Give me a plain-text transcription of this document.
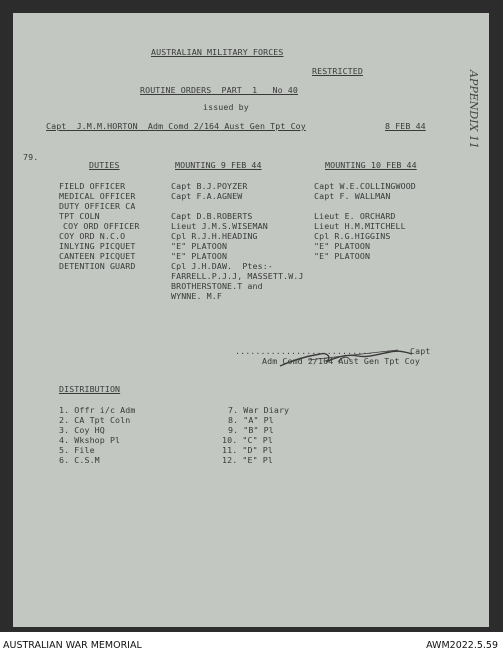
AUSTRALIAN MILITARY FORCES
RESTRICTED
ROUTINE ORDERS  PART  1   No 40
issued by
Capt  J.M.M.HORTON  Adm Comd 2/164 Aust Gen Tpt Coy	8 FEB 44
79.
DUTIES	MOUNTING 9 FEB 44	MOUNTING 10 FEB 44
FIELD OFFICER	Capt B.J.POYZER	Capt W.E.COLLINGWOOD
MEDICAL OFFICER	Capt F.A.AGNEW	Capt F. WALLMAN
DUTY OFFICER CA
TPT COLN	Capt D.B.ROBERTS	Lieut E. ORCHARD
COY ORD OFFICER	Lieut J.M.S.WISEMAN	Lieut H.M.MITCHELL
COY ORD N.C.O	Cpl R.J.H.HEADING	Cpl R.G.HIGGINS
INLYING PICQUET	"E" PLATOON	"E" PLATOON
CANTEEN PICQUET	"E" PLATOON	"E" PLATOON
DETENTION GUARD	Cpl J.H.DAW.  Ptes:-
FARRELL.P.J.J, MASSETT.W.J
BROTHERSTONE.T and
WYNNE. M.F
...........................	Capt
Adm Comd 2/164 Aust Gen Tpt Coy
DISTRIBUTION
1. Offr i/c Adm
2. CA Tpt Coln
3. Coy HQ
4. Wkshop Pl
5. File
6. C.S.M
7. War Diary
8. "A" Pl
9. "B" Pl
10. "C" Pl
11. "D" Pl
12. "E" Pl
APPENDIX 11
AUSTRALIAN WAR MEMORIAL	AWM2022.5.59
